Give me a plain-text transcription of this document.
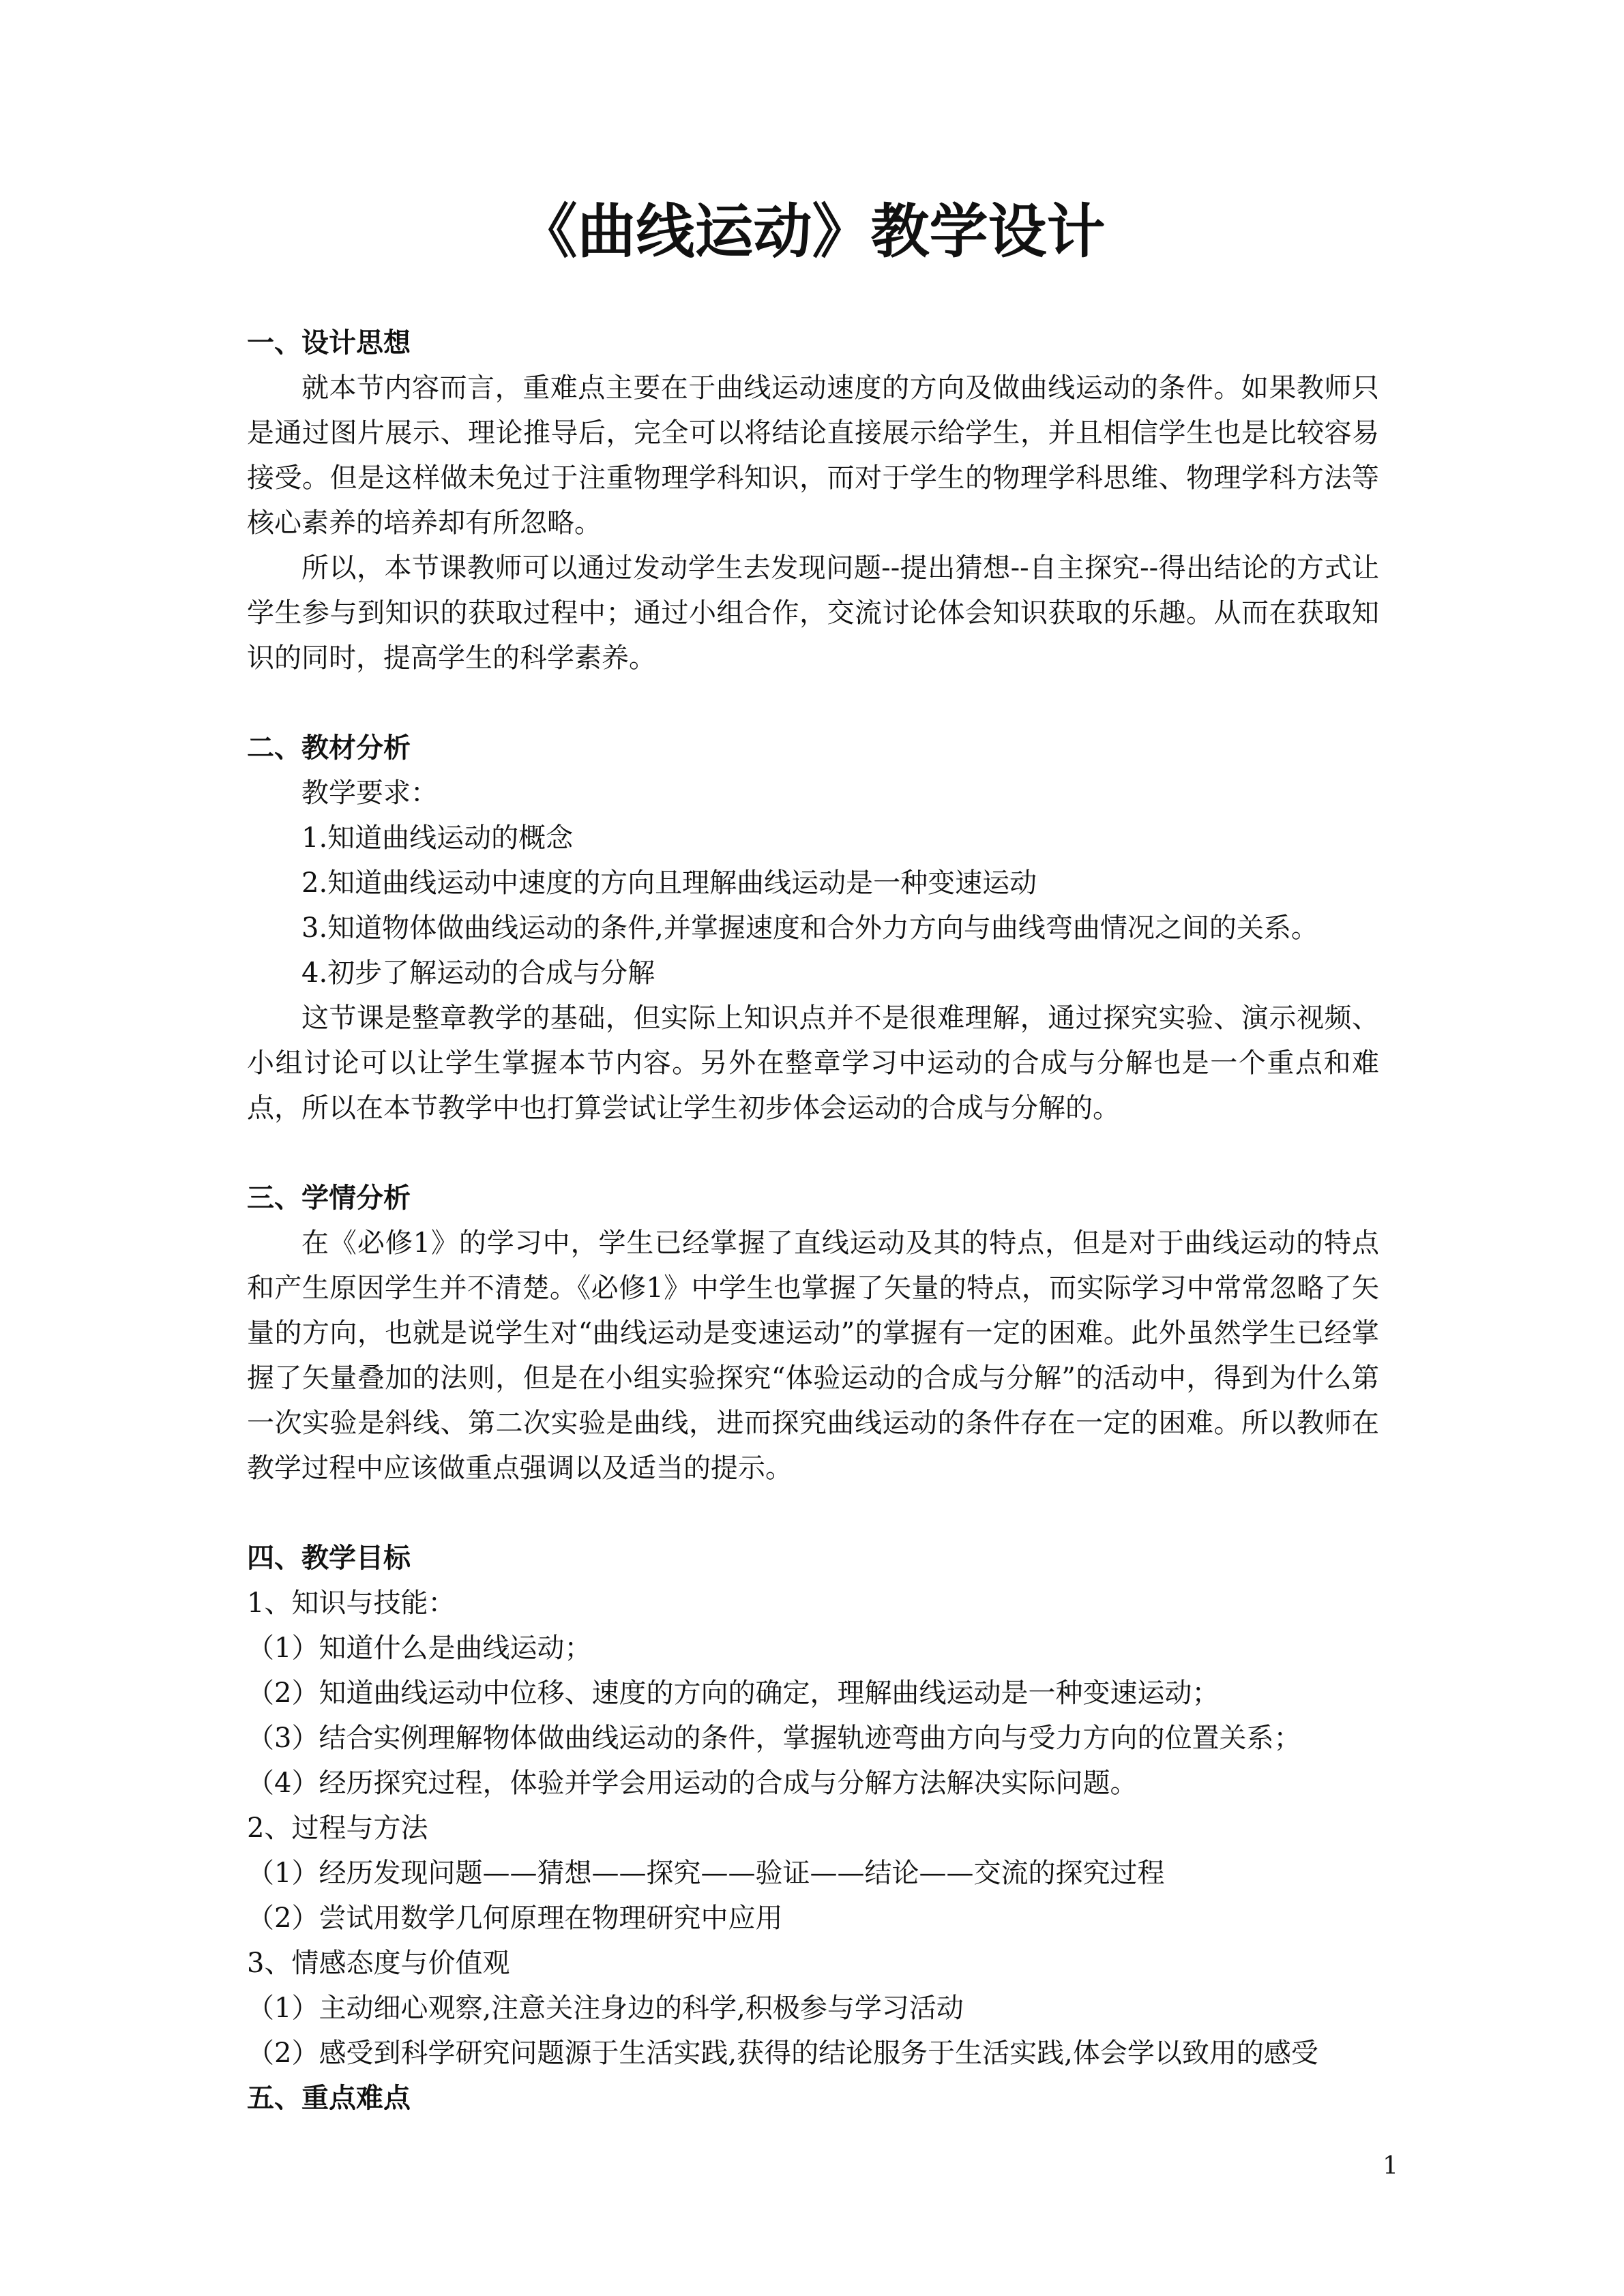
《曲线运动》教学设计
一、设计思想

就本节内容而言，重难点主要在于曲线运动速度的方向及做曲线运动的条件。如果教师只是通过图片展示、理论推导后，完全可以将结论直接展示给学生，并且相信学生也是比较容易接受。但是这样做未免过于注重物理学科知识，而对于学生的物理学科思维、物理学科方法等核心素养的培养却有所忽略。

所以，本节课教师可以通过发动学生去发现问题--提出猜想--自主探究--得出结论的方式让学生参与到知识的获取过程中；通过小组合作，交流讨论体会知识获取的乐趣。从而在获取知识的同时，提高学生的科学素养。

二、教材分析

教学要求：

1.知道曲线运动的概念

2.知道曲线运动中速度的方向且理解曲线运动是一种变速运动

3.知道物体做曲线运动的条件,并掌握速度和合外力方向与曲线弯曲情况之间的关系。

4.初步了解运动的合成与分解

这节课是整章教学的基础，但实际上知识点并不是很难理解，通过探究实验、演示视频、小组讨论可以让学生掌握本节内容。另外在整章学习中运动的合成与分解也是一个重点和难点，所以在本节教学中也打算尝试让学生初步体会运动的合成与分解的。

三、学情分析

在《必修1》的学习中，学生已经掌握了直线运动及其的特点，但是对于曲线运动的特点和产生原因学生并不清楚。《必修1》中学生也掌握了矢量的特点，而实际学习中常常忽略了矢量的方向，也就是说学生对“曲线运动是变速运动”的掌握有一定的困难。此外虽然学生已经掌握了矢量叠加的法则，但是在小组实验探究“体验运动的合成与分解”的活动中，得到为什么第一次实验是斜线、第二次实验是曲线，进而探究曲线运动的条件存在一定的困难。所以教师在教学过程中应该做重点强调以及适当的提示。

四、教学目标

1、知识与技能：

（1）知道什么是曲线运动；

（2）知道曲线运动中位移、速度的方向的确定，理解曲线运动是一种变速运动；

（3）结合实例理解物体做曲线运动的条件，掌握轨迹弯曲方向与受力方向的位置关系；

（4）经历探究过程，体验并学会用运动的合成与分解方法解决实际问题。

2、过程与方法

（1）经历发现问题——猜想——探究——验证——结论——交流的探究过程

（2）尝试用数学几何原理在物理研究中应用

3、情感态度与价值观

（1）主动细心观察,注意关注身边的科学,积极参与学习活动

（2）感受到科学研究问题源于生活实践,获得的结论服务于生活实践,体会学以致用的感受

五、重点难点
1
